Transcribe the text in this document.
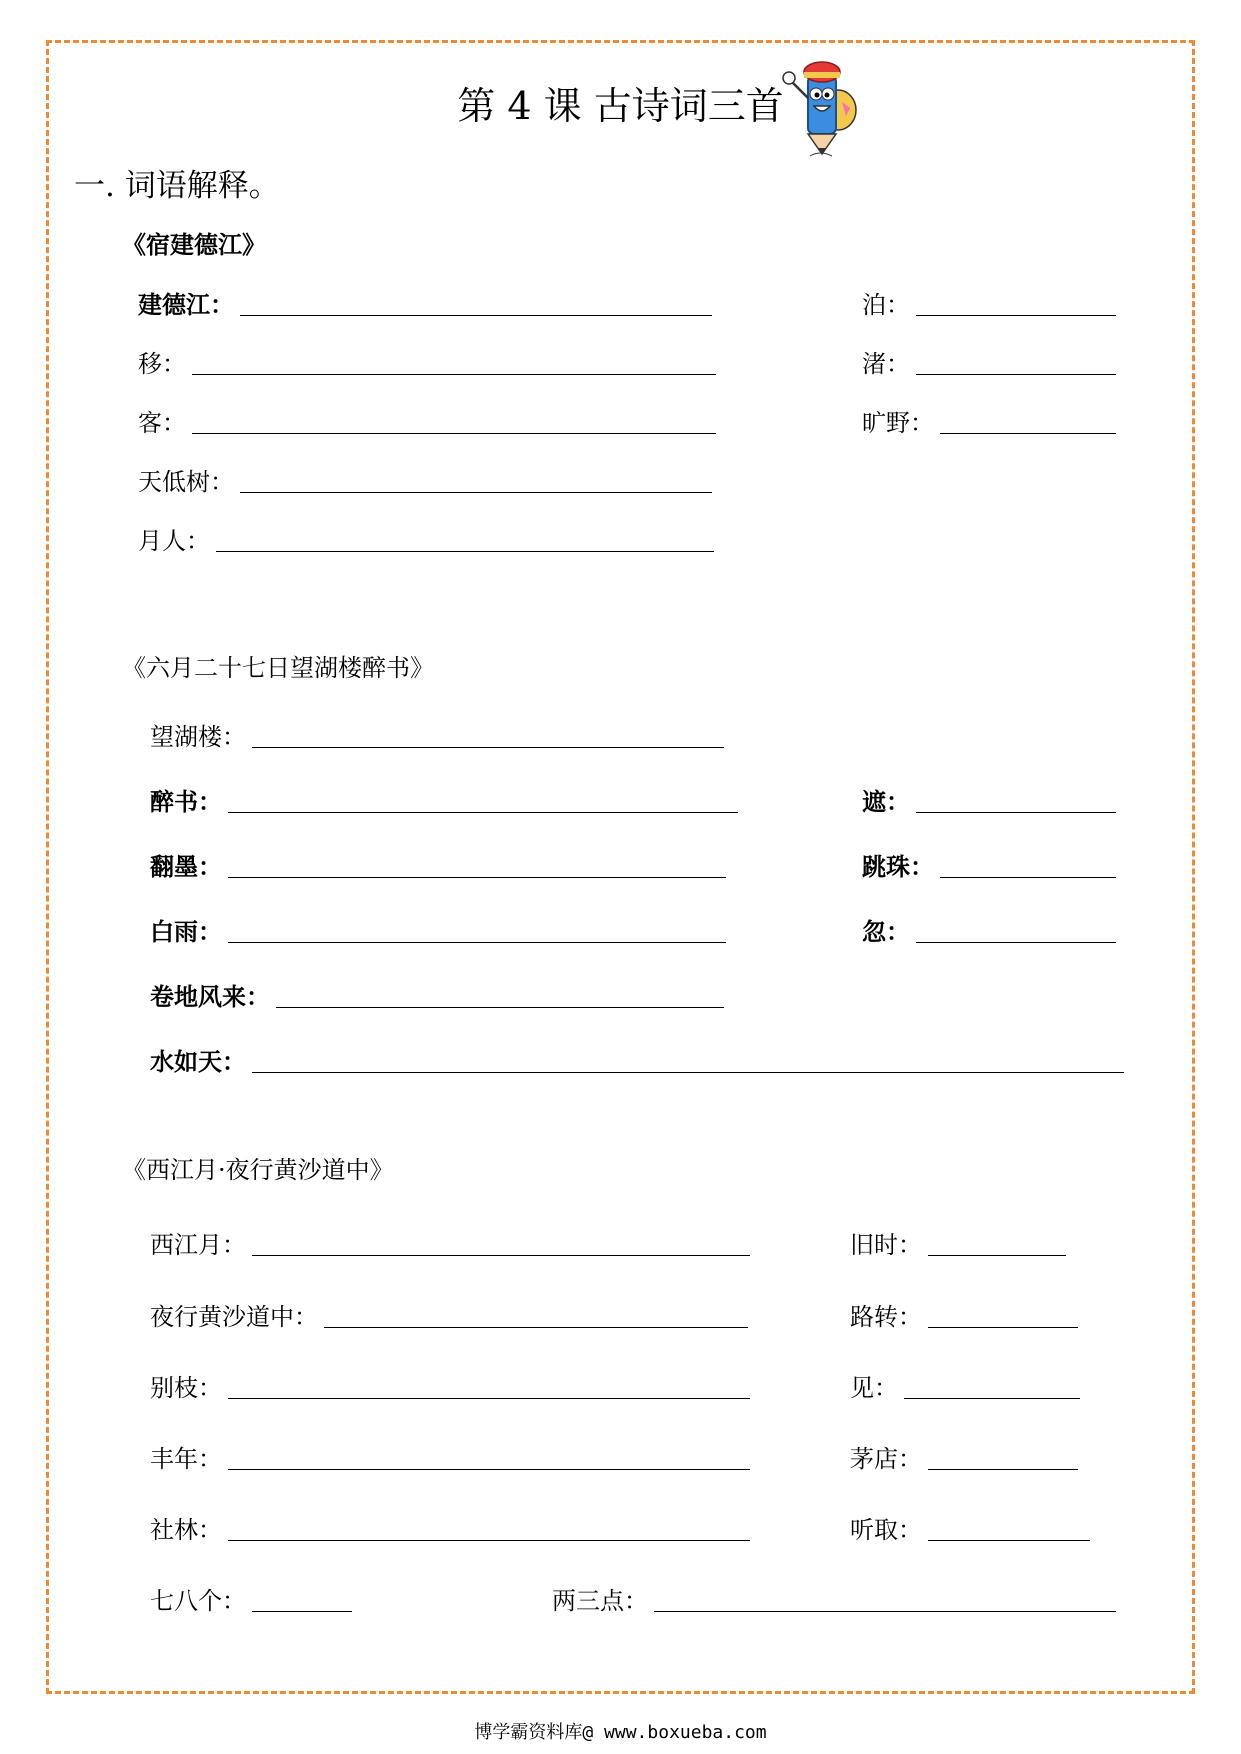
第 4 课 古诗词三首
一. 词语解释。
《宿建德江》
建德江：	泊：
移：	渚：
客：	旷野：
天低树：
月人：
《六月二十七日望湖楼醉书》
望湖楼：
醉书：	遮：
翻墨：	跳珠：
白雨：	忽：
卷地风来：
水如天：
《西江月·夜行黄沙道中》
西江月：	旧时：
夜行黄沙道中：	路转：
别枝：	见：
丰年：	茅店：
社林：	听取：
七八个：	两三点：
博学霸资料库@ www.boxueba.com
